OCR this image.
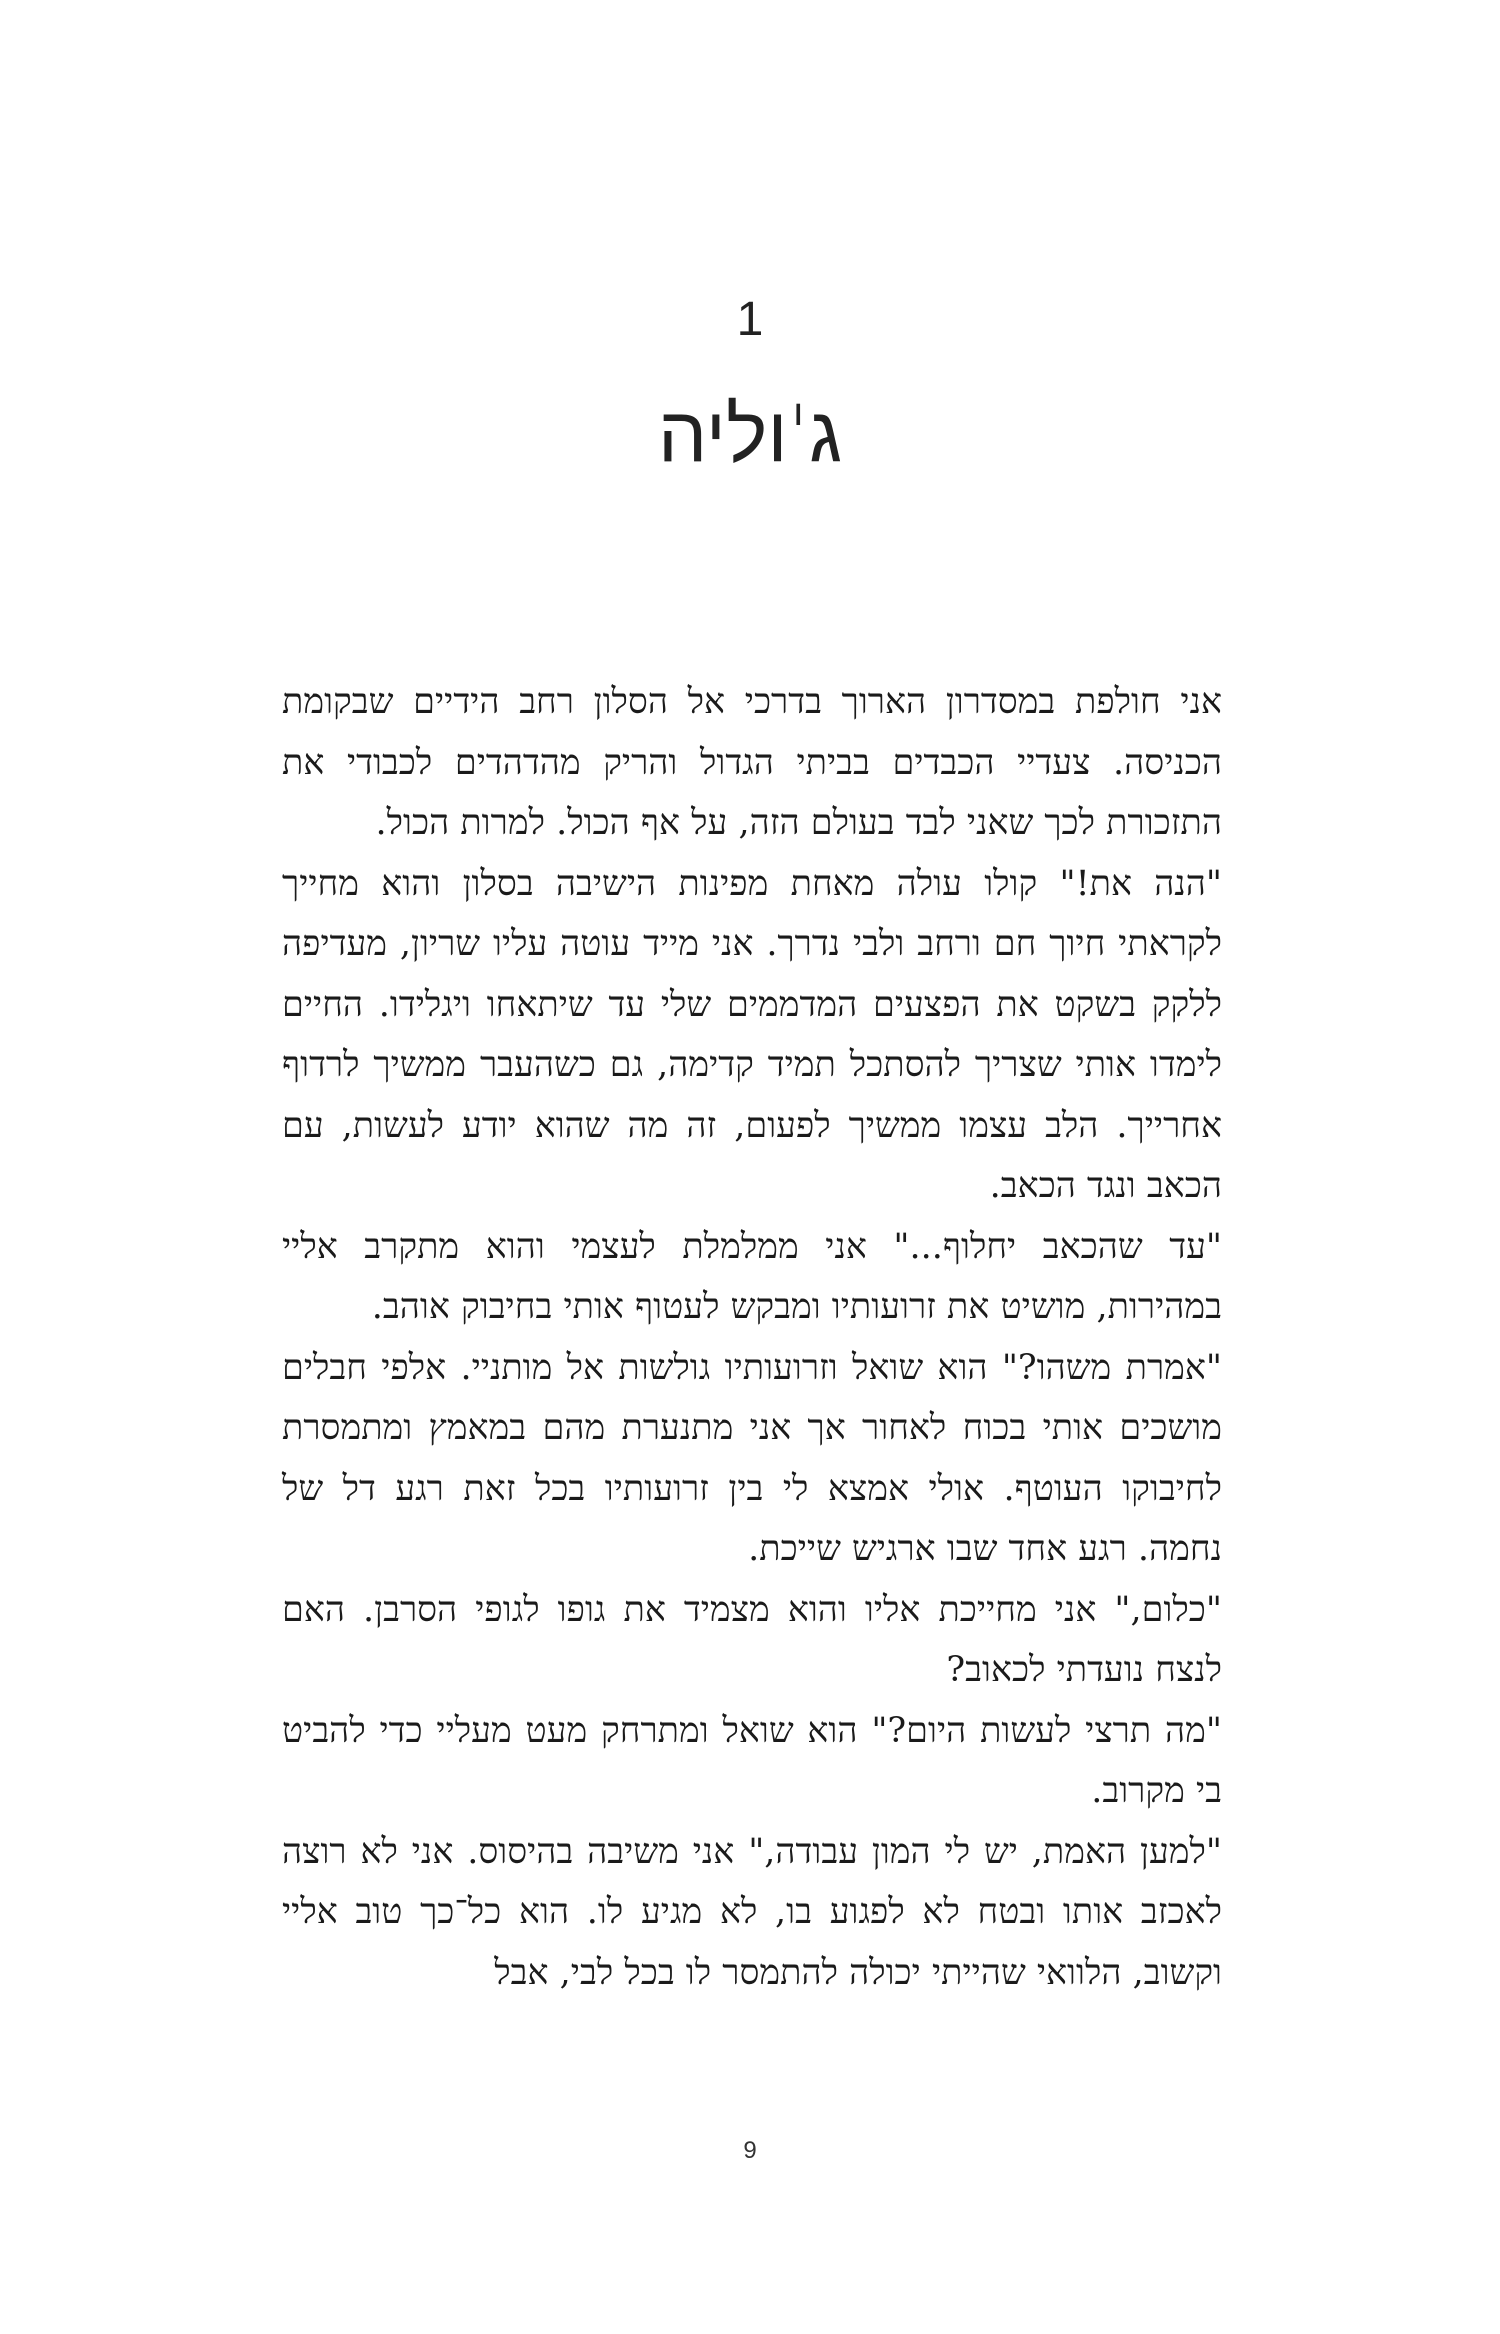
1
ג'וליה

אני חולפת במסדרון הארוך בדרכי אל הסלון רחב הידיים שבקומת הכניסה. צעדיי הכבדים בביתי הגדול והריק מהדהדים לכבודי את התזכורת לכך שאני לבד בעולם הזה, על אף הכול. למרות הכול.

"הנה את!" קולו עולה מאחת מפינות הישיבה בסלון והוא מחייך לקראתי חיוך חם ורחב ולבי נדרך. אני מייד עוטה עליו שריון, מעדיפה ללקק בשקט את הפצעים המדממים שלי עד שיתאחו ויגלידו. החיים לימדו אותי שצריך להסתכל תמיד קדימה, גם כשהעבר ממשיך לרדוף אחרייך. הלב עצמו ממשיך לפעום, זה מה שהוא יודע לעשות, עם הכאב ונגד הכאב.

"עד שהכאב יחלוף..." אני ממלמלת לעצמי והוא מתקרב אליי במהירות, מושיט את זרועותיו ומבקש לעטוף אותי בחיבוק אוהב.

"אמרת משהו?" הוא שואל וזרועותיו גולשות אל מותניי. אלפי חבלים מושכים אותי בכוח לאחור אך אני מתנערת מהם במאמץ ומתמסרת לחיבוקו העוטף. אולי אמצא לי בין זרועותיו בכל זאת רגע דל של נחמה. רגע אחד שבו ארגיש שייכת.

"כלום," אני מחייכת אליו והוא מצמיד את גופו לגופי הסרבן. האם לנצח נועדתי לכאוב?

"מה תרצי לעשות היום?" הוא שואל ומתרחק מעט מעליי כדי להביט בי מקרוב.

"למען האמת, יש לי המון עבודה," אני משיבה בהיסוס. אני לא רוצה לאכזב אותו ובטח לא לפגוע בו, לא מגיע לו. הוא כל־כך טוב אליי וקשוב, הלוואי שהייתי יכולה להתמסר לו בכל לבי, אבל

9
